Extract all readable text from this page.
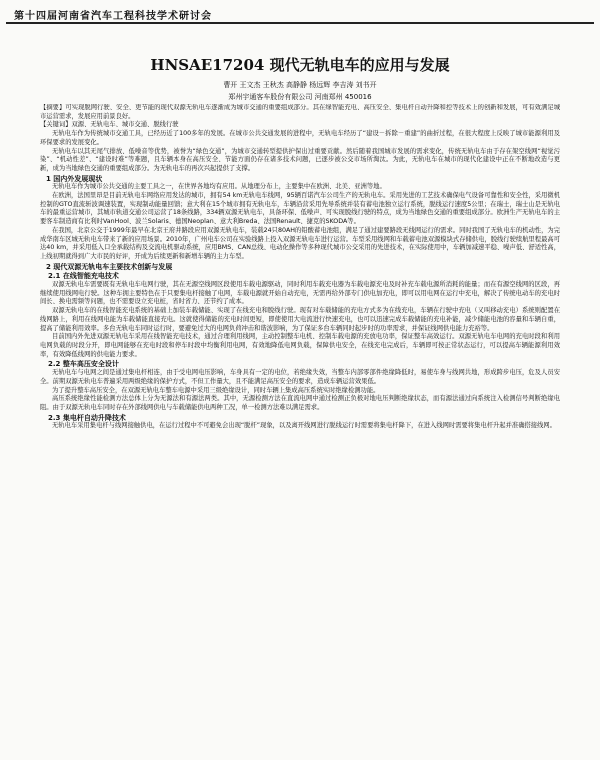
第十四届河南省汽车工程科技学术研讨会
HNSAE17204 现代无轨电车的应用与发展
曹开 王文杰 王秋杰 高静静 杨远辉 李吉涛 刘书开
郑州宇通客车股份有限公司 河南郑州 450016

【摘要】可实现脱网行驶、安全、更节能的现代双源无轨电车逐渐成为城市交通的重要组成部分。其在绿智能充电、高压安全、集电杆自动升降和控等技术上的创新和发展，可有效满足城市运营需求，发展应用前景良好。

【关键词】双源、无轨电车、城市交通、脱线行驶

无轨电车作为传统城市交通工具，已经历近了100多年的发展。在城市公共交通发展的进程中，无轨电车经历了“建设－拆除－重建”的曲折过程，在很大程度上反映了城市能源利用及环保要求的发展变化。

无轨电车以其无尾气排放、低噪音等优势，被誉为“绿色交通”，为城市交通转型提供护保出过重要贡献。然后随着我国城市发展的需求变化，传统无轨电车由于存在架空线网“视觉污染”、“机动性差”、“建设时难”等难题，且车辆本身在高压安全、节能方面仍存在诸多技术问题，已逐步被公交市场所淘汰。为此，无轨电车在城市的现代化建设中正在不断地改造与更新，成为当地绿色交通的重要组成部分。为无轨电车的再次兴起提供了支撑。

1 国内外发展现状

无轨电车作为城市公共交通的主要工具之一，在世界各地均有应用。从地理分布上，主要集中在欧洲、北美、亚洲等地。

在欧洲，法国里昂是目前无轨电车网络应用发达的城市，拥有54 km无轨电车线网，95辆百诺汽车公司生产的无轨电车。采用先进的工艺技术确保电气设备可靠性和安全性，采用微机控制的GTO直流斩波调速装置，实现制动能量回馈；意大利在15个城市拥有无轨电车，车辆沿营采用先导系统并装有蓄电池独立运行系统，脱线运行速度5公里；在瑞士，瑞士山是无轨电车的最重运营城市，其城市轨道交通公司运营了18条线路，334辆双源无轨电车，具备环保、低噪声、可实现脱线行驶的特点，成为当地绿色交通的重要组成部分。欧洲生产无轨电车的主要客车制造商有比利时VanHool、波兰Solaris、德国Neoplan、意大利Breda、法国Renault、捷克的SKODA等。

在我国，北京公交于1999年最早在北京王府井路段应用双源无轨电车，装载24只80AH的铅酸蓄电池组，满足了通过建要路段无线网运行的需求。同时我国了无轨电车的机动性，为完成华南车区城无轨电车带来了新的应用场景。2010年，广州电车公司在实验线路上投入双源无轨电车进行运营。车型采用线网和车载蓄电池双源模块式存储供电，脱线行驶续航里程最高可达40 km，并采用低入口全承载结构及交流电机驱动系统，应用BMS、CAN总线、电动化操作等多种现代城市公交采用的先进技术，在实际使用中，车辆加减速平稳、噪声低、舒适性高，上线初期就得到广大市民的好评，开成为后续更新和新增车辆的主力车型。

2 现代双源无轨电车主要技术创新与发展
2.1 在线智能充电技术

双源无轨电车需要既有无轨电车电网行驶，其在无源空线网区段使用车载电源驱动，同时利用车载充电器为车载电源充电及时补充车载电源所消耗的能量；而在有源空线网的区段，再继续使用线网电行驶。这种车拥主要特色在于只要集电杆接触了电网，车载电源就开始自动充电，无需再给外部专门供电加充电，即可以用电网在运行中充电，解决了传统电动车的充电时间长、换电需频等问题，也不需要设立充电桩，省时省力、还节约了成本。

双源无轨电车的在线智能充电系统的基础上加装车载储能、实现了在线充电和脱线行驶。现有对车载储能的充电方式多为在线充电，车辆在行驶中充电（又叫移动充电）系统则配置在线网路上，利用在线网电能为车载储能直接充电。这就使得储能的充电时间更短，即使使用大电流进行快速充电，也可以迅速完成车载储能的充电补能，减少储能电池的容量和车辆自重，提高了储能利用效率。多台无轨电车同时运行时，要避免过大的电网负荷冲击和谐波影响，为了保证多台车辆同时起步时的功率需求，并保证线网供电能力充裕等。

目前国内外先进双源无轨电车采用在线智能充电技术，通过合理利用线网，主动控制整车电机、控制车载电源的充放电功率，保证整车高效运行。双源无轨电车电网的充电时段和利用电网负载的时段分开，即电网能够在充电时段和停车时段中均衡利用电网，有效地降低电网负载，保障供电安全，在线充电完成后，车辆即可按正常状态运行，可以提高车辆能源利用效率，有效降低线网的供电能力要求。

2.2 整车高压安全设计

无轨电车与电网之间是通过集电杆相连，由于受电网电压影响，车身具有一定的电位，若绝缘失效，当整车内部零部件绝缘降低时，易使车身与线网共地，形成跨步电压，危及人员安全。前期双源无轨电车普遍采用两级绝缘的保护方式，不但工作量大，且不能满足高压安全的要求，造成车辆运营效果低。

为了提升整车高压安全，在双源无轨电车整车电源中采用三级绝缘设计，同时车辆上集成高压系统实时绝缘检测功能。

高压系统绝缘性能检测方法总体上分为无源法和有源法两类。其中，无源检测方法在直流电网中通过检测正负极对地电压判断绝缘状态，而有源法通过向系统注入检测信号判断绝缘电阻。由于双源无轨电车同时存在外部线网供电与车载储能供电两种工况，单一检测方法难以满足需求。

2.3 集电杆自动升降技术

无轨电车采用集电杆与线网接触供电，在运行过程中不可避免会出现“脱杆”现象，以及离开线网进行脱线运行时需要将集电杆降下，在进入线网时需要将集电杆升起并准确搭接线网。
